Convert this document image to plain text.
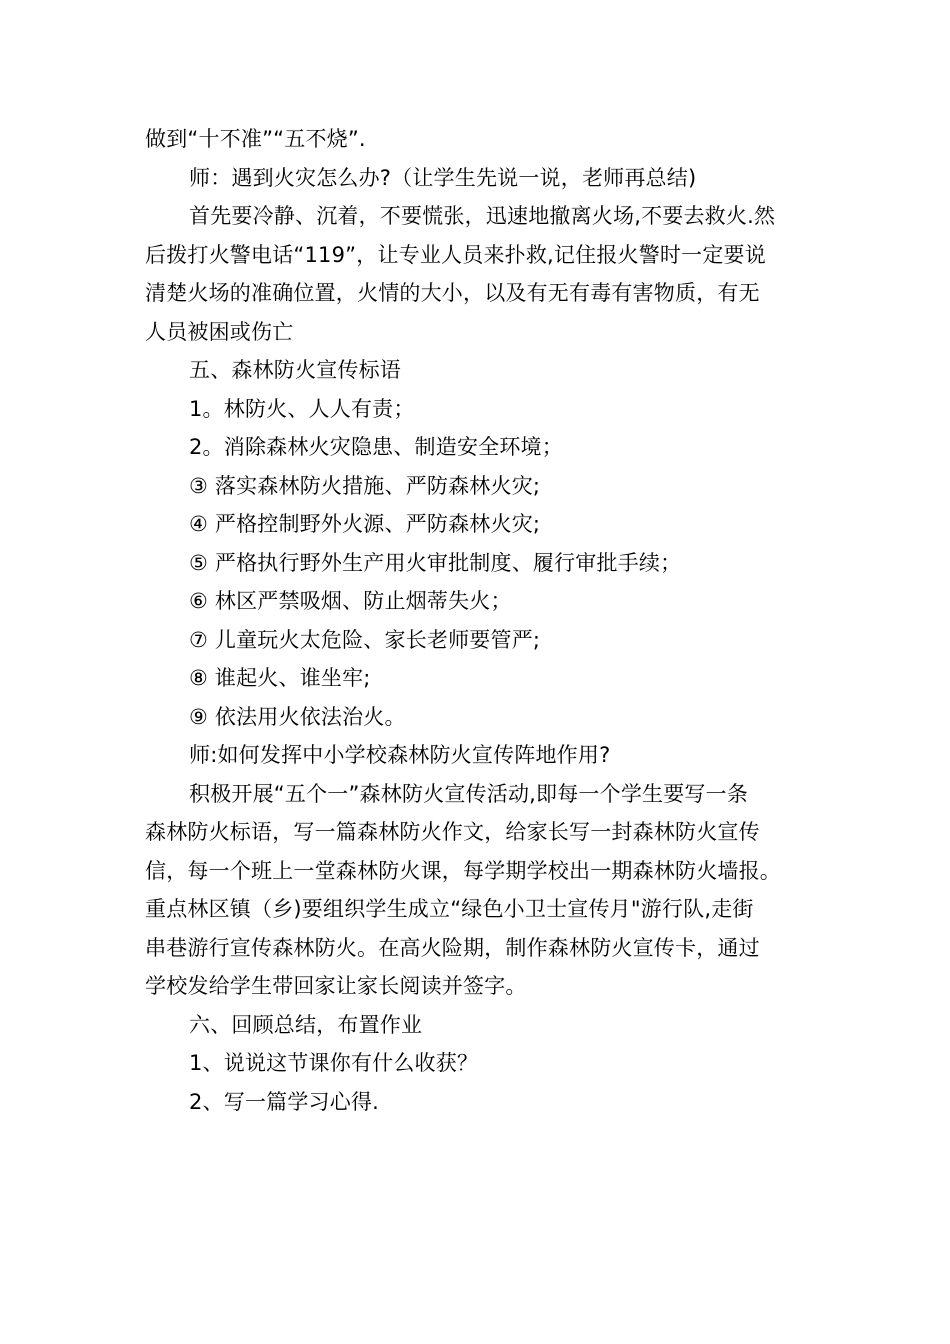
做到“十不准”“五不烧”.
师：遇到火灾怎么办?（让学生先说一说，老师再总结)
首先要冷静、沉着，不要慌张，迅速地撤离火场,不要去救火.然
后拨打火警电话“119”，让专业人员来扑救,记住报火警时一定要说
清楚火场的准确位置，火情的大小，以及有无有毒有害物质，有无
人员被困或伤亡
五、森林防火宣传标语
1。林防火、人人有责；
2。消除森林火灾隐患、制造安全环境；
③ 落实森林防火措施、严防森林火灾;
④ 严格控制野外火源、严防森林火灾;
⑤ 严格执行野外生产用火审批制度、履行审批手续；
⑥ 林区严禁吸烟、防止烟蒂失火；
⑦ 儿童玩火太危险、家长老师要管严;
⑧ 谁起火、谁坐牢;
⑨ 依法用火依法治火。
师:如何发挥中小学校森林防火宣传阵地作用?
积极开展“五个一”森林防火宣传活动,即每一个学生要写一条
森林防火标语，写一篇森林防火作文，给家长写一封森林防火宣传
信，每一个班上一堂森林防火课，每学期学校出一期森林防火墙报。
重点林区镇（乡)要组织学生成立“绿色小卫士宣传月"游行队,走街
串巷游行宣传森林防火。在高火险期，制作森林防火宣传卡，通过
学校发给学生带回家让家长阅读并签字。
六、回顾总结，布置作业
1、说说这节课你有什么收获？
2、写一篇学习心得.
